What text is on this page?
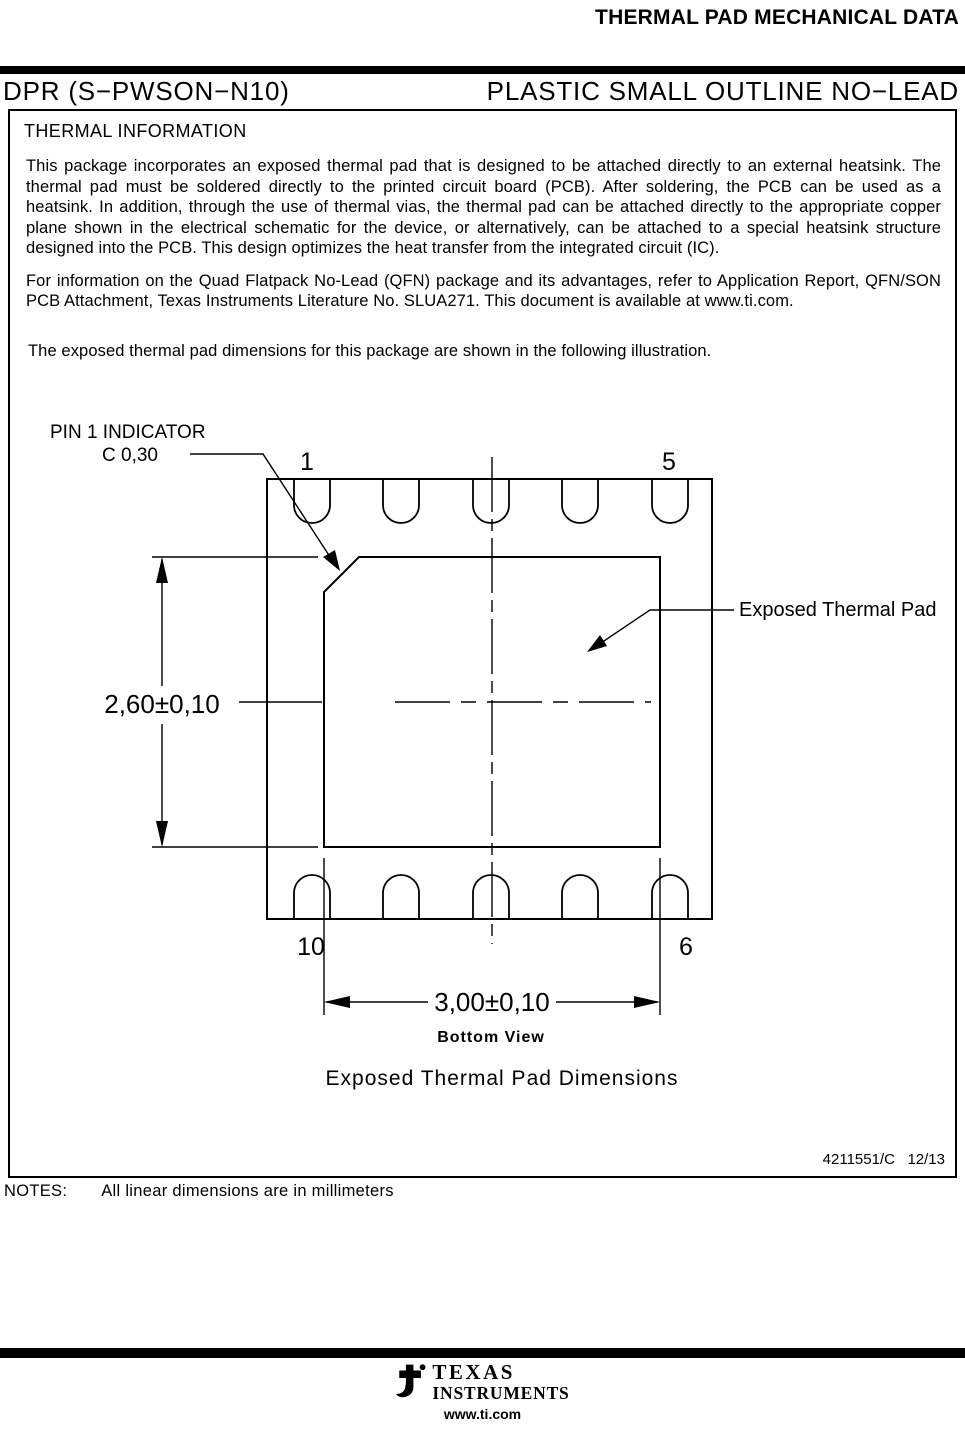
THERMAL PAD MECHANICAL DATA
DPR (S−PWSON−N10)	PLASTIC SMALL OUTLINE NO−LEAD
THERMAL INFORMATION

This package incorporates an exposed thermal pad that is designed to be attached directly to an external heatsink. The thermal pad must be soldered directly to the printed circuit board (PCB). After soldering, the PCB can be used as a heatsink. In addition, through the use of thermal vias, the thermal pad can be attached directly to the appropriate copper plane shown in the electrical schematic for the device, or alternatively, can be attached to a special heatsink structure designed into the PCB. This design optimizes the heat transfer from the integrated circuit (IC).

For information on the Quad Flatpack No-Lead (QFN) package and its advantages, refer to Application Report, QFN/SON PCB Attachment, Texas Instruments Literature No. SLUA271. This document is available at www.ti.com.

The exposed thermal pad dimensions for this package are shown in the following illustration.

2,60±0,10
3,00±0,10
PIN 1 INDICATOR
C 0,30
Exposed Thermal Pad
1	5
10	6
Bottom View
Exposed Thermal Pad Dimensions
4211551/C   12/13
NOTES: All linear dimensions are in millimeters
TEXAS
INSTRUMENTS
www.ti.com
